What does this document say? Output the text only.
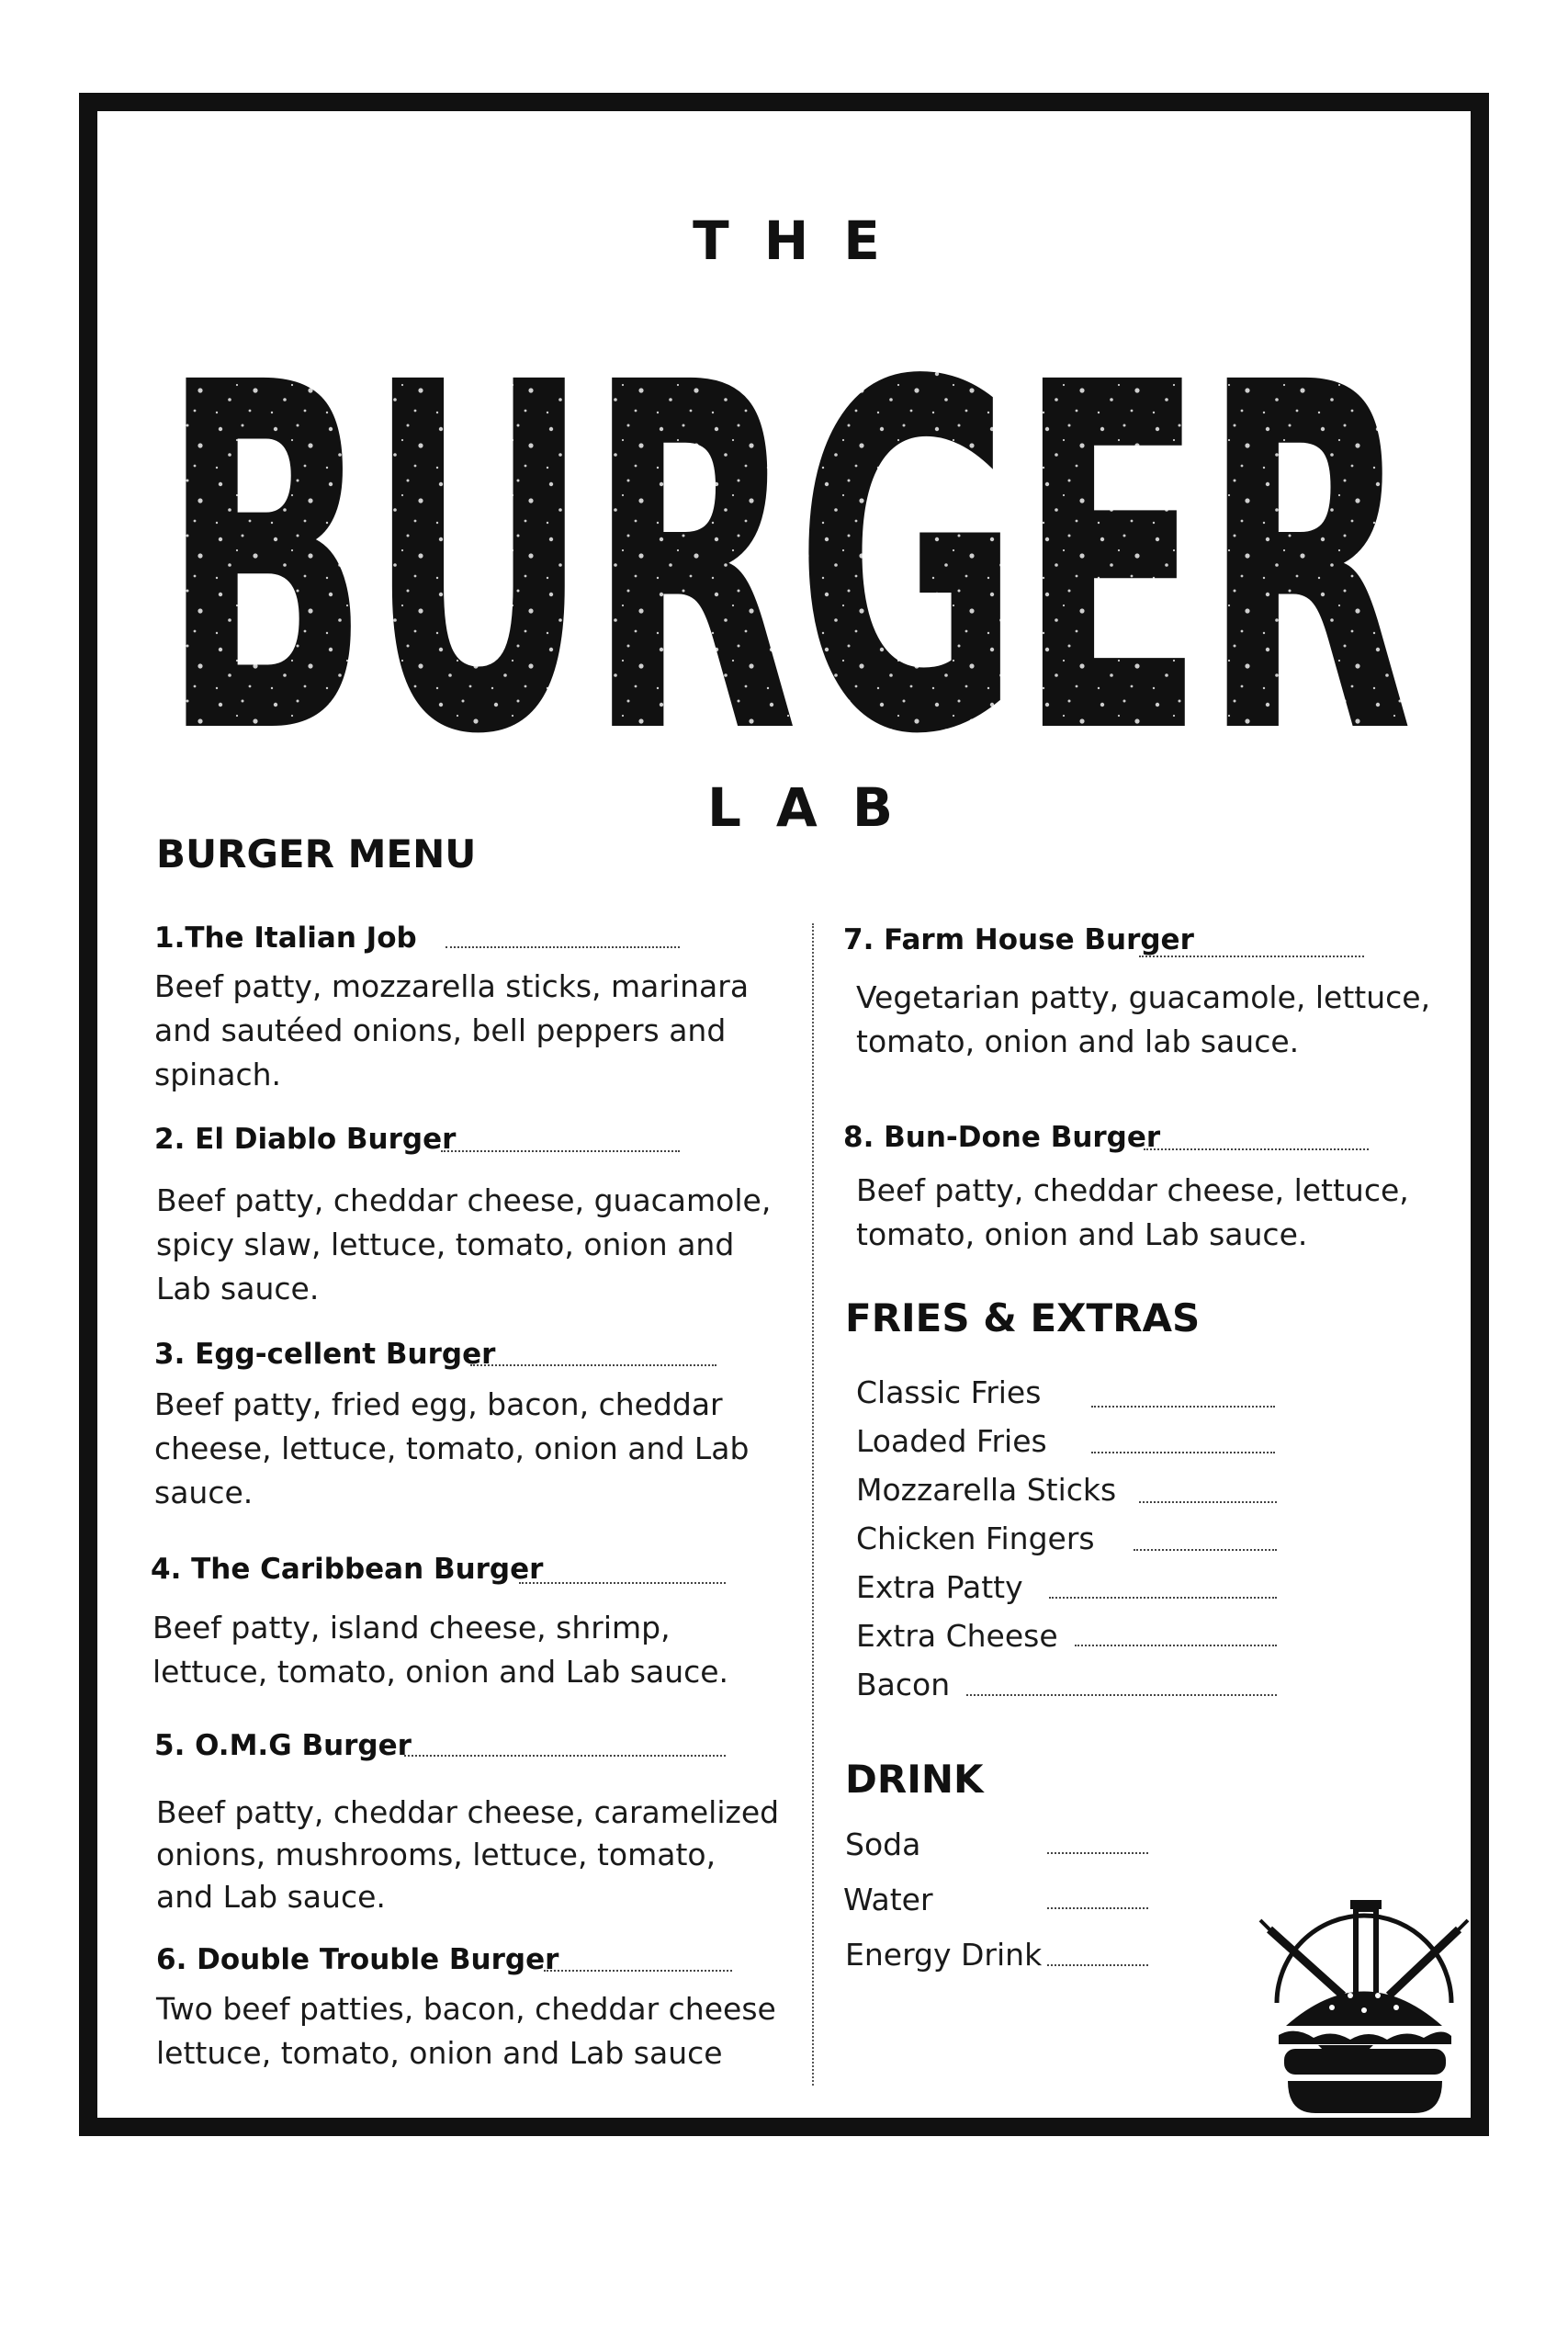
THE
LAB
BURGER MENU
1.The Italian Job
Beef patty, mozzarella sticks, marinara and sautéed onions, bell peppers and spinach.
2. El Diablo Burger
Beef patty, cheddar cheese, guacamole, spicy slaw, lettuce, tomato, onion and Lab sauce.
3. Egg-cellent Burger
Beef patty, fried egg, bacon, cheddar cheese, lettuce, tomato, onion and Lab sauce.
4. The Caribbean Burger
Beef patty, island cheese, shrimp, lettuce, tomato, onion and Lab sauce.
5. O.M.G Burger
Beef patty, cheddar cheese, caramelized onions, mushrooms, lettuce, tomato, and Lab sauce.
6. Double Trouble Burger
Two beef patties, bacon, cheddar cheese lettuce, tomato, onion and Lab sauce
7. Farm House Burger
Vegetarian patty, guacamole, lettuce, tomato, onion and lab sauce.
8. Bun-Done Burger
Beef patty, cheddar cheese, lettuce, tomato, onion and Lab sauce.
FRIES & EXTRAS
Classic Fries
Loaded Fries
Mozzarella Sticks
Chicken Fingers
Extra Patty
Extra Cheese
Bacon
DRINK
Soda
Water
Energy Drink
